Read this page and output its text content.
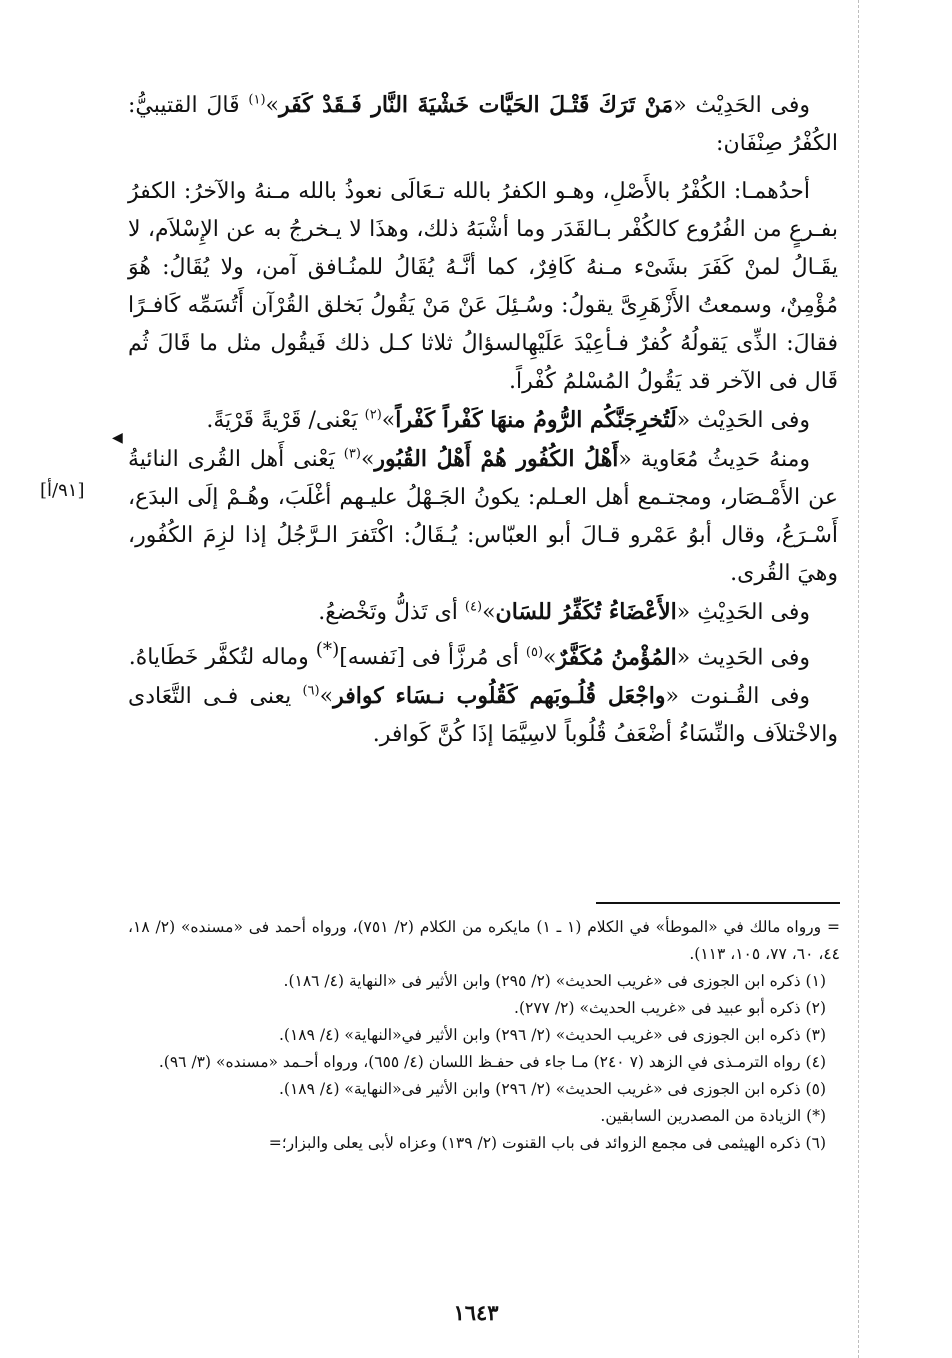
[٩١/أ]
◀

وفى الحَدِيْث «مَنْ تَرَكَ قَتْـلَ الحَيَّات خَشْيَةَ النَّار فَـقَدْ كَفَر»$^{(١)}$ قَالَ القتيبيُّ: الكُفْرُ صِنْفَان:

أحدُهمـا: الكُفْرُ بالأَصْلِ، وهـو الكفرُ بالله تـعَالَى نعوذُ بالله مـنهُ والآخرُ: الكفرُ بفـرعٍ من الفُرُوع كالكُفْر بـالقَدَر وما أشْبَهُ ذلك، وهذَا لا يـخرجُ به عن الإِسْلاَم، لا يقَـالُ لمنْ كَفَرَ بشَىْء مـنهُ كَافِرٌ، كما أنَّـهُ يُقَالُ للمنُـافق آمن، ولا يُقَالُ: هُوَ مُؤْمِنٌ، وسمعتُ الأَزْهَرِىَّ يقولُ: وسُـئِلَ عَنْ مَنْ يَقُولُ بَخلق القُرْآن أَتُسَمِّه كَافـرًا فقالَ: الذِّى يَقولُهُ كُفرٌ فـأعِيْدَ عَلَيْهِالسؤالُ ثلاثا كـل ذلك فَيقُول مثل ما قَالَ ثُم قَال فى الآخر قد يَقُولُ المُسْلمُ كُفْراً.

وفى الحَدِيْث «لَتُخرِجَنَّكُم الرُّومُ منهَا كَفْراً كَفْراً»$^{(٢)}$ يَعْنى/ قَرْيةً قَرْيَةً.

ومنهُ حَدِيثُ مُعَاوية «أَهْلُ الكُفُور هُمْ أَهْلُ القُبُور»$^{(٣)}$ يَعْنى أَهل القُرى النائيةُ عن الأَمْـصَار، ومجتـمع أهل العـلم: يكونُ الجَـهْلُ عليـهم أغْلَبَ، وهُـمْ إلَى البدَع، أَسْـرَعُ، وقال أبوُ عَمْرو قـالَ أبو العبّاس: يُـقَالُ: اكْتَفرَ الـرَّجُلُ إذا لزِمَ الكُفُور، وهيَ القُرى.

وفى الحَدِيْثِ «الأَعْضَاءُ تُكَفِّرُ للسَان»$^{(٤)}$ أى تَذلُّ وتَخْضعُ.

وفى الحَدِيث «المُؤْمنُ مُكَفَّرٌ»$^{(٥)}$ أى مُرزَّأ فى [نَفسه](*) وماله لتُكفَّر خَطَاياهُ.

وفى القُـنوت «واجْعَل قُلُـوبَهم كَقُلُوب نـسَاء كوافر»$^{(٦)}$ يعنى فـى التَّعَادى والاخْتلاَف والنِّسَاءُ أضْعَفُ قُلُوباً لاسِيَّمَا إذَا كُنَّ كَوافر.

= ورواه مالك في «الموطأ» في الكلام (١ ـ ١) مايكره من الكلام (٢/ ٧٥١)، ورواه أحمد فى «مسنده» (٢/ ١٨، ٤٤، ٦٠، ٧٧، ١٠٥، ١١٣).

(١) ذكره ابن الجوزى فى «غريب الحديث» (٢/ ٢٩٥) وابن الأثير فى «النهاية (٤/ ١٨٦).

(٢) ذكره أبو عبيد فى «غريب الحديث» (٢/ ٢٧٧).

(٣) ذكره ابن الجوزى فى «غريب الحديث» (٢/ ٢٩٦) وابن الأثير في«النهاية» (٤/ ١٨٩).

(٤) رواه الترمـذى في الزهد (٧ ٢٤٠) مـا جاء فى حفـظ اللسان (٤/ ٦٥٥)، ورواه أحـمد «مسنده» (٣/ ٩٦).

(٥) ذكره ابن الجوزى فى «غريب الحديث» (٢/ ٢٩٦) وابن الأثير فى«النهاية» (٤/ ١٨٩).

(*) الزيادة من المصدرين السابقين.

(٦) ذكره الهيثمى فى مجمع الزوائد فى باب القنوت (٢/ ١٣٩) وعزاه لأبى يعلى والبزار؛=

١٦٤٣
